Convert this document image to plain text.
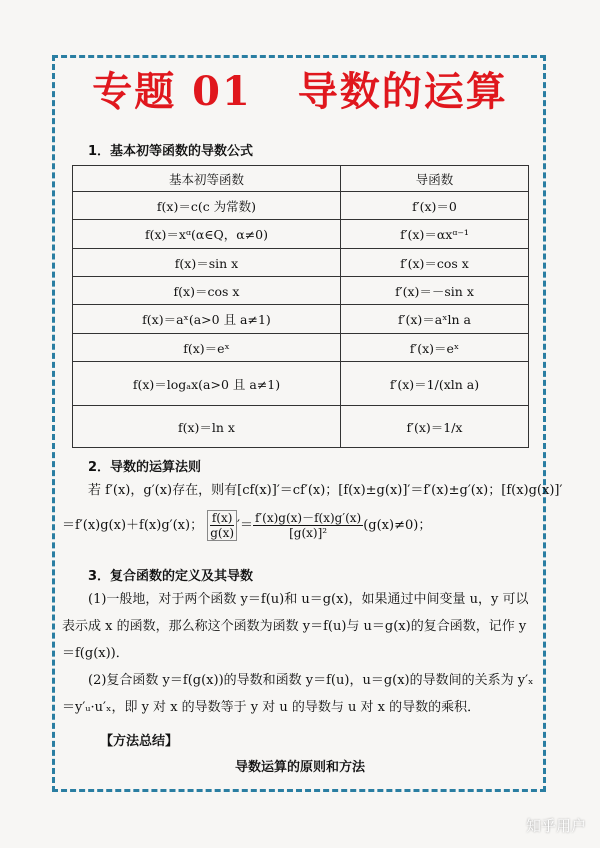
专题 01 导数的运算
1．基本初等函数的导数公式
基本初等函数	导函数
f(x)＝c(c 为常数)	f′(x)＝0
f(x)＝xᵅ(α∈Q，α≠0)	f′(x)＝αxᵅ⁻¹
f(x)＝sin x	f′(x)＝cos x
f(x)＝cos x	f′(x)＝－sin x
f(x)＝aˣ(a>0 且 a≠1)	f′(x)＝aˣln a
f(x)＝eˣ	f′(x)＝eˣ
f(x)＝logₐx(a>0 且 a≠1)	f′(x)＝1/(xln a)
f(x)＝ln x	f′(x)＝1/x
2．导数的运算法则
若 f′(x)，g′(x)存在，则有[cf(x)]′＝cf′(x)；[f(x)±g(x)]′＝f′(x)±g′(x)；[f(x)g(x)]′
＝f′(x)g(x)＋f(x)g′(x)； $\frac{f(x)}{g(x)}'= \frac{f'(x)g(x)-f(x)g'(x)}{\text{[g(x)]²}} (g(x)\ne 0)$；
3．复合函数的定义及其导数
(1)一般地，对于两个函数 y＝f(u)和 u＝g(x)，如果通过中间变量 u，y 可以
表示成 x 的函数，那么称这个函数为函数 y＝f(u)与 u＝g(x)的复合函数，记作 y
＝f(g(x))．
(2)复合函数 y＝f(g(x))的导数和函数 y＝f(u)，u＝g(x)的导数间的关系为 y′ₓ
＝y′ᵤ·u′ₓ，即 y 对 x 的导数等于 y 对 u 的导数与 u 对 x 的导数的乘积．
【方法总结】
导数运算的原则和方法
知乎用户
